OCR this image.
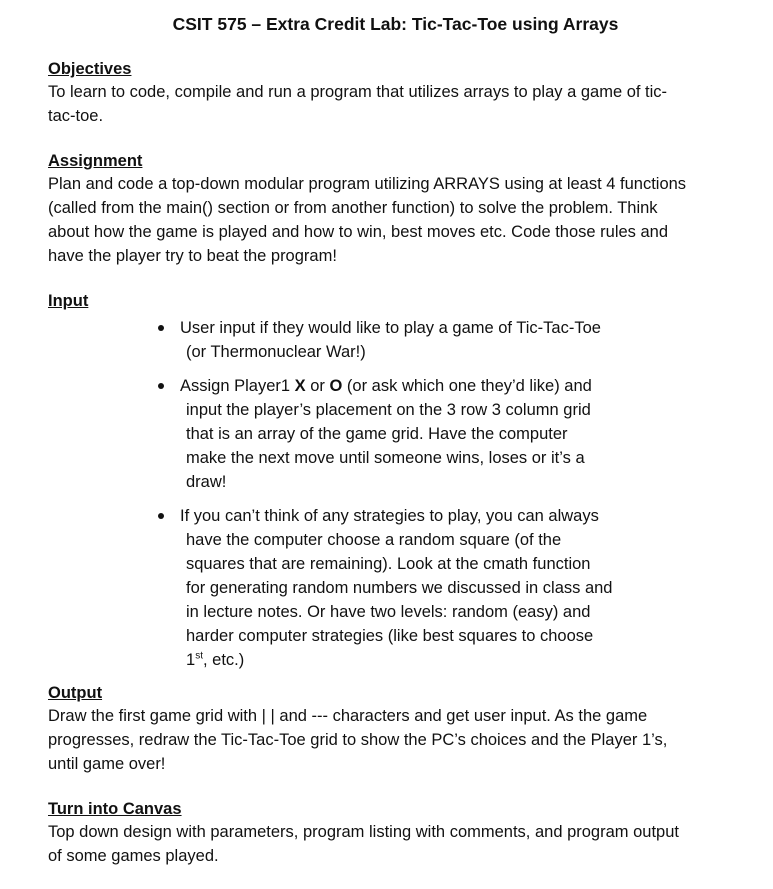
CSIT 575 – Extra Credit Lab: Tic-Tac-Toe using Arrays
Objectives
To learn to code, compile and run a program that utilizes arrays to play a game of tic-
tac-toe.
Assignment
Plan and code a top-down modular program utilizing ARRAYS using at least 4 functions
(called from the main() section or from another function) to solve the problem. Think
about how the game is played and how to win, best moves etc. Code those rules and
have the player try to beat the program!
Input
User input if they would like to play a game of Tic-Tac-Toe
(or Thermonuclear War!)
Assign Player1 X or O (or ask which one they’d like) and
input the player’s placement on the 3 row 3 column grid
that is an array of the game grid. Have the computer
make the next move until someone wins, loses or it’s a
draw!
If you can’t think of any strategies to play, you can always
have the computer choose a random square (of the
squares that are remaining). Look at the cmath function
for generating random numbers we discussed in class and
in lecture notes. Or have two levels: random (easy) and
harder computer strategies (like best squares to choose
1st, etc.)
Output
Draw the first game grid with | | and --- characters and get user input. As the game
progresses, redraw the Tic-Tac-Toe grid to show the PC’s choices and the Player 1’s,
until game over!
Turn into Canvas
Top down design with parameters, program listing with comments, and program output
of some games played.
